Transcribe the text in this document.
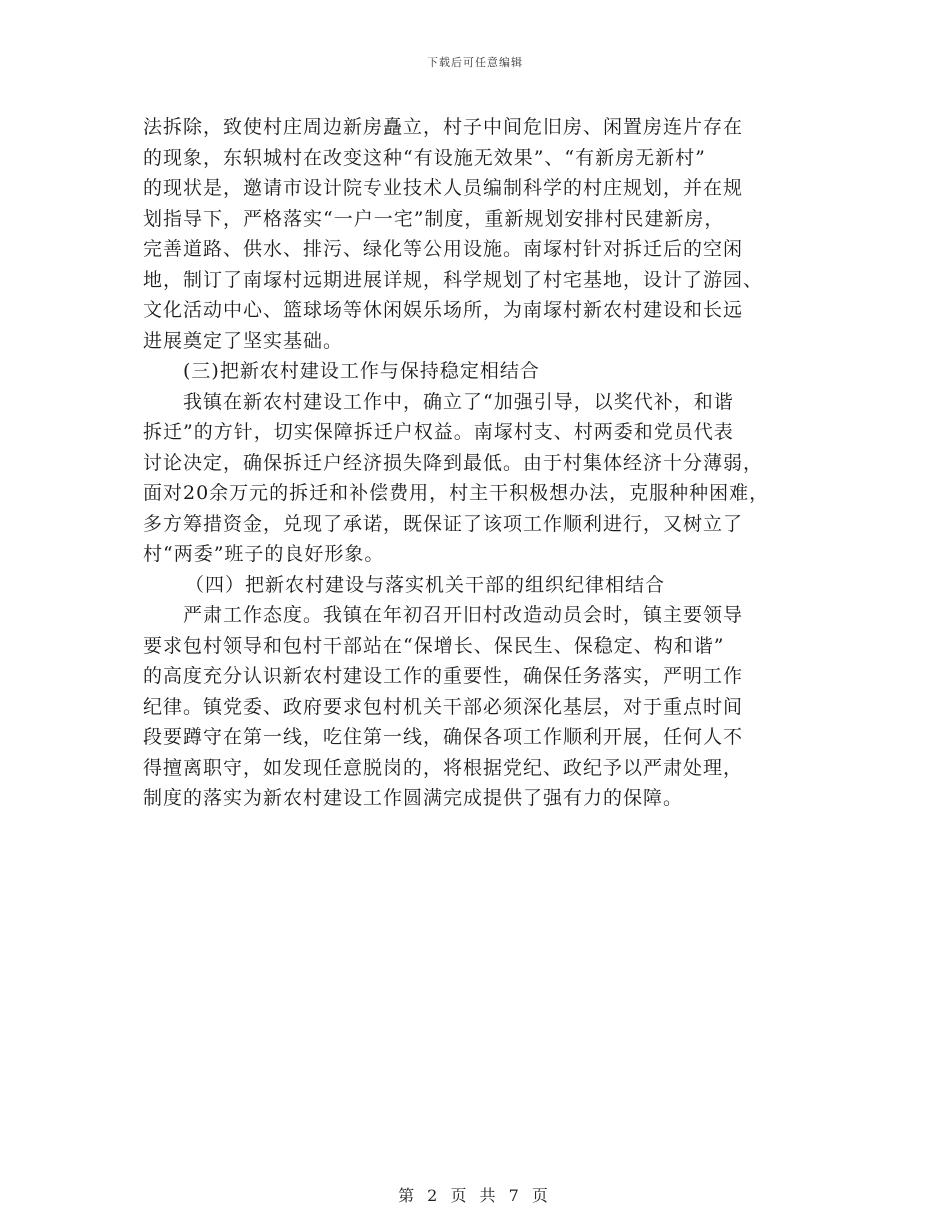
下载后可任意编辑
法拆除，致使村庄周边新房矗立，村子中间危旧房、闲置房连片存在
的现象，东轵城村在改变这种“有设施无效果”、“有新房无新村”
的现状是，邀请市设计院专业技术人员编制科学的村庄规划，并在规
划指导下，严格落实“一户一宅”制度，重新规划安排村民建新房，
完善道路、供水、排污、绿化等公用设施。南塜村针对拆迁后的空闲
地，制订了南塜村远期进展详规，科学规划了村宅基地，设计了游园、
文化活动中心、篮球场等休闲娱乐场所，为南塜村新农村建设和长远
进展奠定了坚实基础。
(三)把新农村建设工作与保持稳定相结合
我镇在新农村建设工作中，确立了“加强引导，以奖代补，和谐
拆迁”的方针，切实保障拆迁户权益。南塜村支、村两委和党员代表
讨论决定，确保拆迁户经济损失降到最低。由于村集体经济十分薄弱，
面对20余万元的拆迁和补偿费用，村主干积极想办法，克服种种困难，
多方筹措资金，兑现了承诺，既保证了该项工作顺利进行，又树立了
村“两委”班子的良好形象。
（四）把新农村建设与落实机关干部的组织纪律相结合
严肃工作态度。我镇在年初召开旧村改造动员会时，镇主要领导
要求包村领导和包村干部站在“保增长、保民生、保稳定、构和谐”
的高度充分认识新农村建设工作的重要性，确保任务落实，严明工作
纪律。镇党委、政府要求包村机关干部必须深化基层，对于重点时间
段要蹲守在第一线，吃住第一线，确保各项工作顺利开展，任何人不
得擅离职守，如发现任意脱岗的，将根据党纪、政纪予以严肃处理，
制度的落实为新农村建设工作圆满完成提供了强有力的保障。
第 2 页 共 7 页
